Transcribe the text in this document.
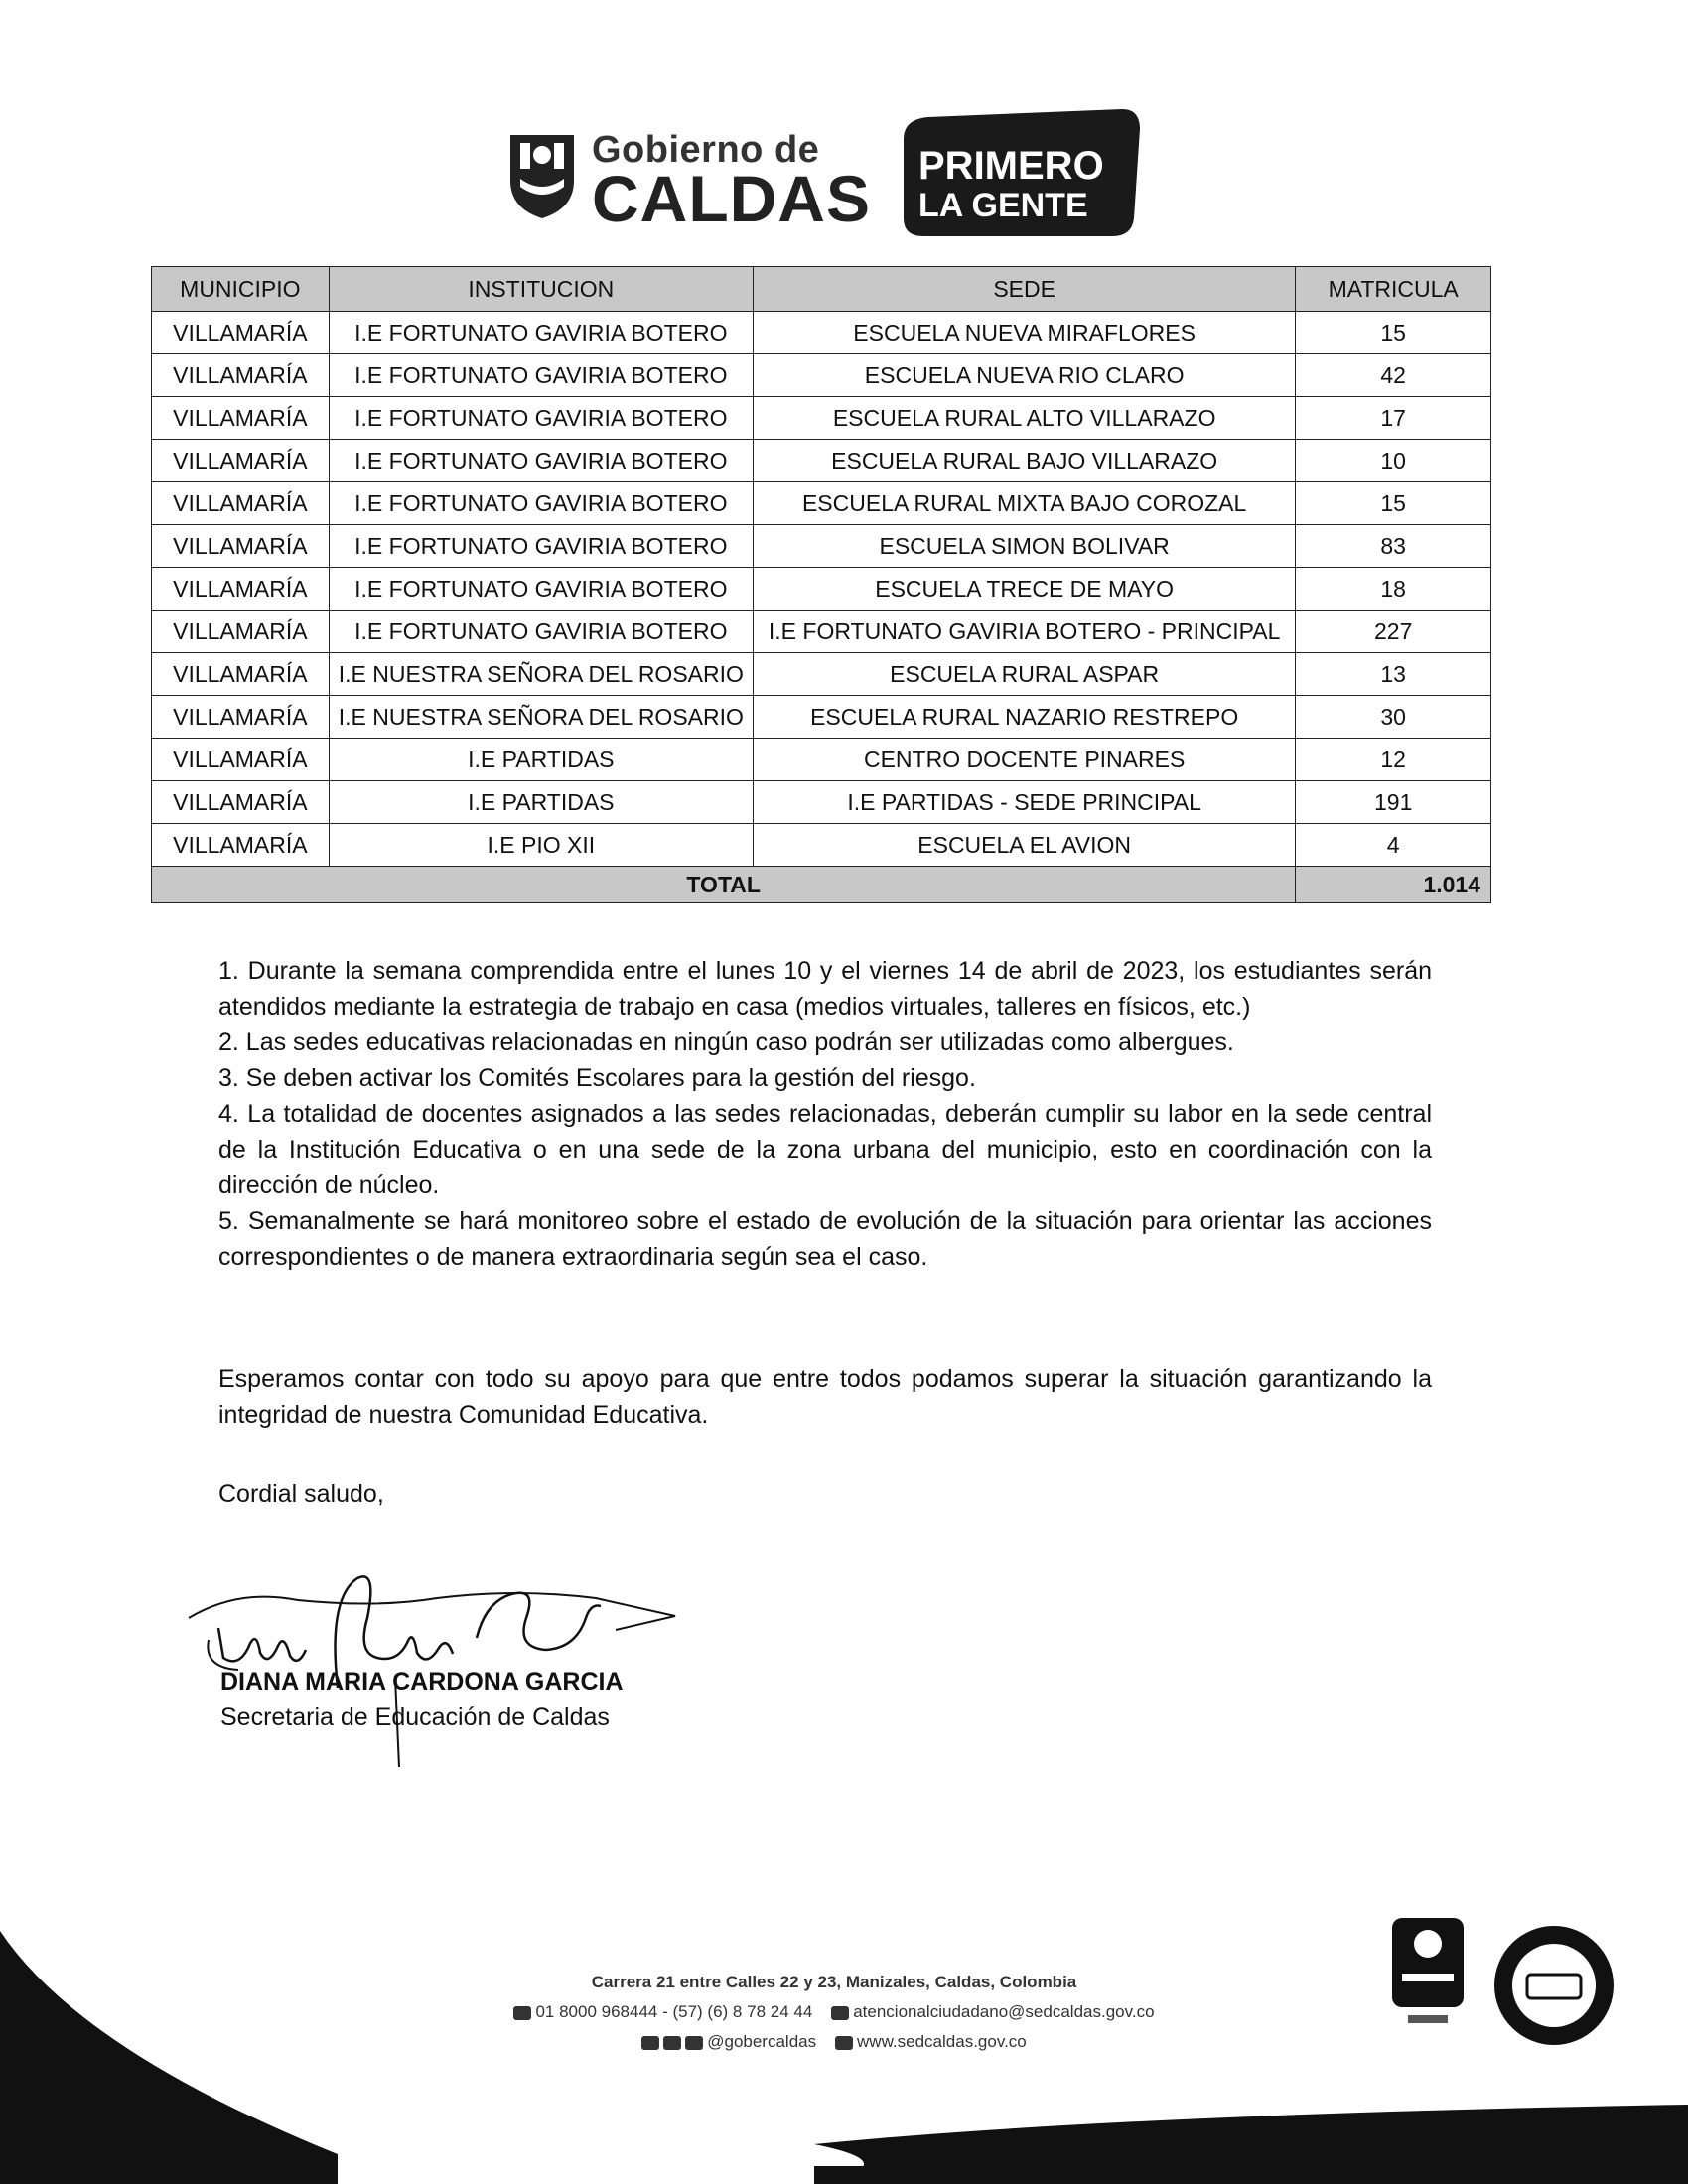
Gobierno de
CALDAS PRIMERO
LA GENTE
MUNICIPIO	INSTITUCION	SEDE	MATRICULA
VILLAMARÍA	I.E FORTUNATO GAVIRIA BOTERO	ESCUELA NUEVA MIRAFLORES	15
VILLAMARÍA	I.E FORTUNATO GAVIRIA BOTERO	ESCUELA NUEVA RIO CLARO	42
VILLAMARÍA	I.E FORTUNATO GAVIRIA BOTERO	ESCUELA RURAL ALTO VILLARAZO	17
VILLAMARÍA	I.E FORTUNATO GAVIRIA BOTERO	ESCUELA RURAL BAJO VILLARAZO	10
VILLAMARÍA	I.E FORTUNATO GAVIRIA BOTERO	ESCUELA RURAL MIXTA BAJO COROZAL	15
VILLAMARÍA	I.E FORTUNATO GAVIRIA BOTERO	ESCUELA SIMON BOLIVAR	83
VILLAMARÍA	I.E FORTUNATO GAVIRIA BOTERO	ESCUELA TRECE DE MAYO	18
VILLAMARÍA	I.E FORTUNATO GAVIRIA BOTERO	I.E FORTUNATO GAVIRIA BOTERO - PRINCIPAL	227
VILLAMARÍA	I.E NUESTRA SEÑORA DEL ROSARIO	ESCUELA RURAL ASPAR	13
VILLAMARÍA	I.E NUESTRA SEÑORA DEL ROSARIO	ESCUELA RURAL NAZARIO RESTREPO	30
VILLAMARÍA	I.E PARTIDAS	CENTRO DOCENTE PINARES	12
VILLAMARÍA	I.E PARTIDAS	I.E PARTIDAS - SEDE PRINCIPAL	191
VILLAMARÍA	I.E PIO XII	ESCUELA EL AVION	4
TOTAL			1.014

1. Durante la semana comprendida entre el lunes 10 y el viernes 14 de abril de 2023, los estudiantes serán atendidos mediante la estrategia de trabajo en casa (medios virtuales, talleres en físicos, etc.)

2. Las sedes educativas relacionadas en ningún caso podrán ser utilizadas como albergues.

3. Se deben activar los Comités Escolares para la gestión del riesgo.

4. La totalidad de docentes asignados a las sedes relacionadas, deberán cumplir su labor en la sede central de la Institución Educativa o en una sede de la zona urbana del municipio, esto en coordinación con la dirección de núcleo.

5. Semanalmente se hará monitoreo sobre el estado de evolución de la situación para orientar las acciones correspondientes o de manera extraordinaria según sea el caso.

Esperamos contar con todo su apoyo para que entre todos podamos superar la situación garantizando la integridad de nuestra Comunidad Educativa.
Cordial saludo,
DIANA MARIA CARDONA GARCIA
Secretaria de Educación de Caldas
Carrera 21 entre Calles 22 y 23, Manizales, Caldas, Colombia
01 8000 968444 - (57) (6) 8 78 24 44 atencionalciudadano@sedcaldas.gov.co
@gobercaldas www.sedcaldas.gov.co
